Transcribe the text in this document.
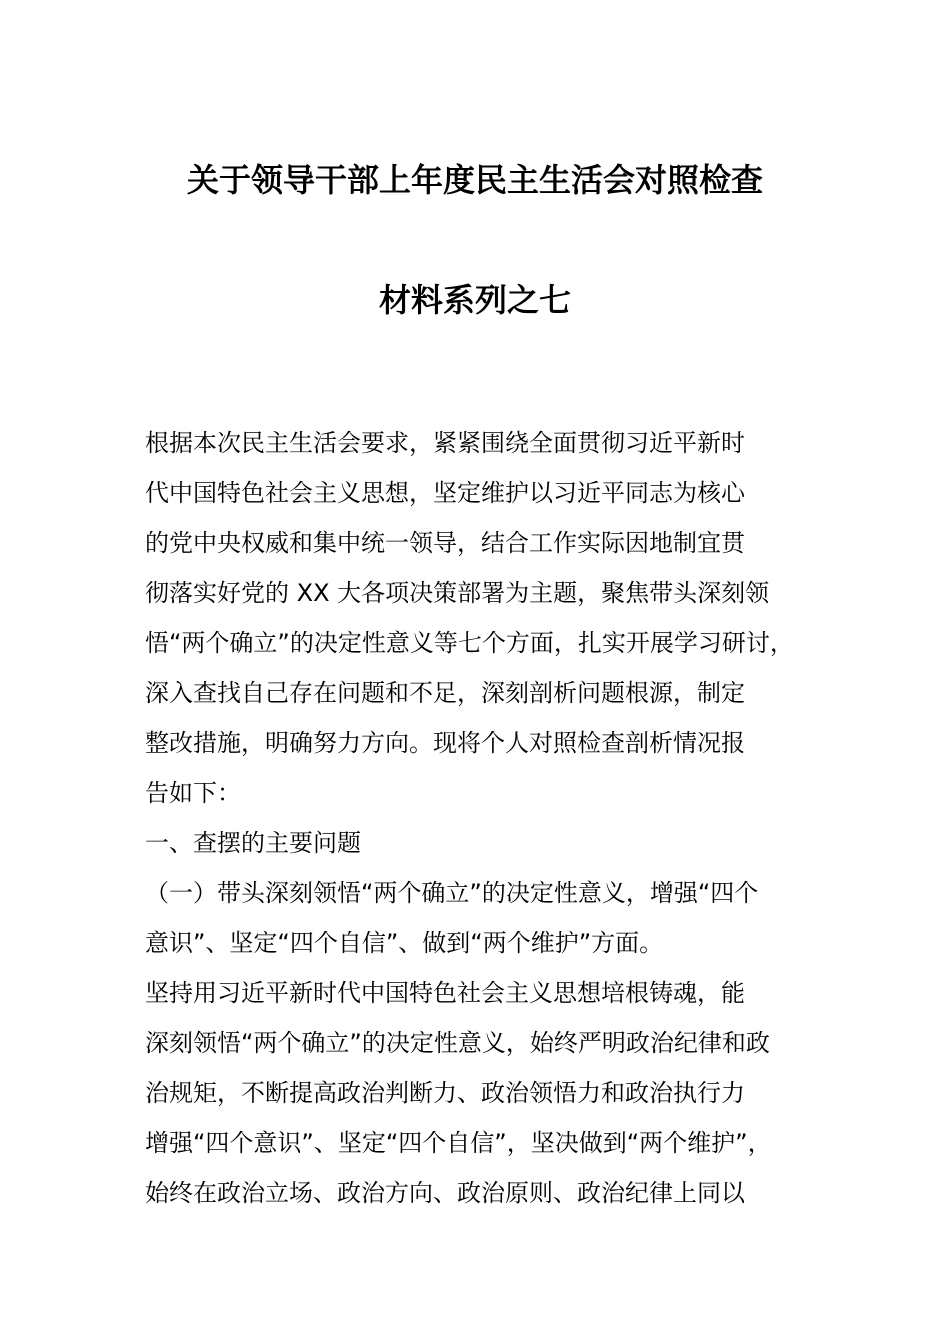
关于领导干部上年度民主生活会对照检查
材料系列之七
根据本次民主生活会要求，紧紧围绕全面贯彻习近平新时
代中国特色社会主义思想，坚定维护以习近平同志为核心
的党中央权威和集中统一领导，结合工作实际因地制宜贯
彻落实好党的 XX 大各项决策部署为主题，聚焦带头深刻领
悟“两个确立”的决定性意义等七个方面，扎实开展学习研讨，
深入查找自己存在问题和不足，深刻剖析问题根源，制定
整改措施，明确努力方向。现将个人对照检查剖析情况报
告如下：
一、查摆的主要问题
（一）带头深刻领悟“两个确立”的决定性意义，增强“四个
意识”、坚定“四个自信”、做到“两个维护”方面。
坚持用习近平新时代中国特色社会主义思想培根铸魂，能
深刻领悟“两个确立”的决定性意义，始终严明政治纪律和政
治规矩，不断提高政治判断力、政治领悟力和政治执行力
增强“四个意识”、坚定“四个自信”，坚决做到“两个维护”，
始终在政治立场、政治方向、政治原则、政治纪律上同以
